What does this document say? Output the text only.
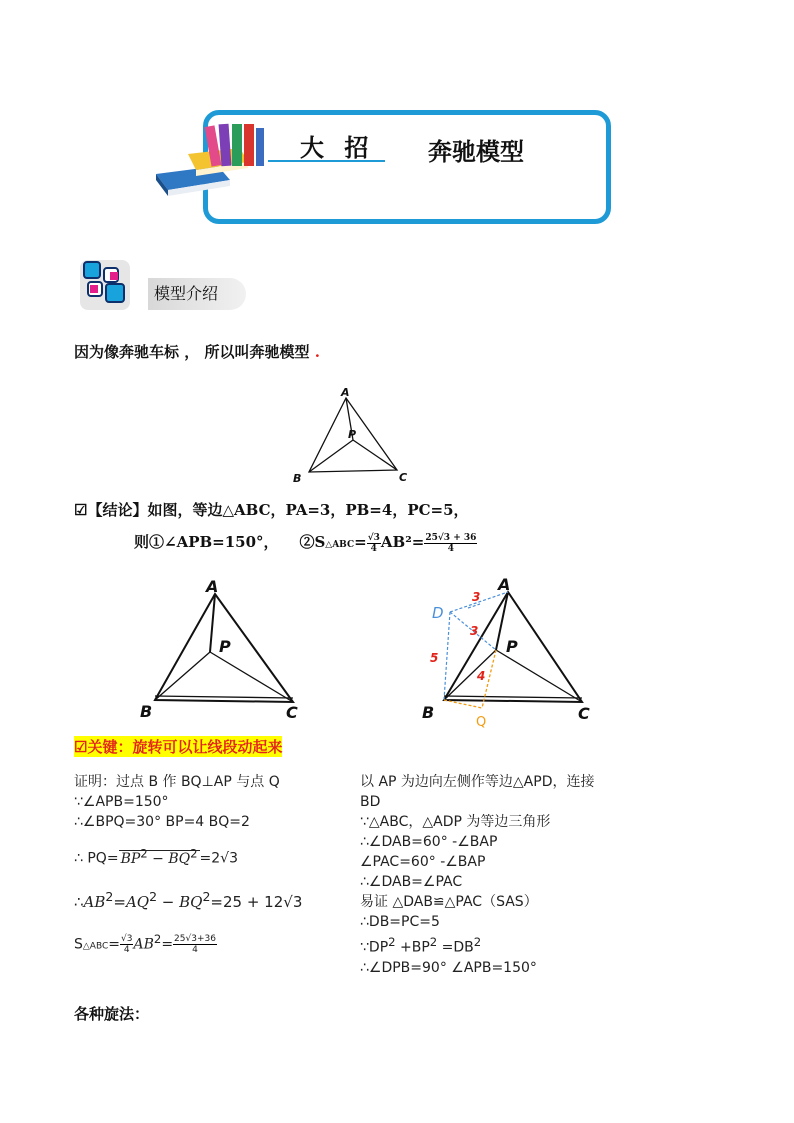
大 招 奔驰模型
模型介绍
因为像奔驰车标 ， 所以叫奔驰模型 .
A
P
B	C
☑【结论】如图，等边△ABC，PA=3，PB=4，PC=5，
则①∠APB=150°， ②S△ABC= $\frac{√3}{4} AB^2= \frac{25√3 + 36}{4}$
A
P
B	C
A
P
B	C
D
3
3
5
4
Q
☑关键：旋转可以让线段动起来
证明：过点 B 作 BQ⊥AP 与点 Q
∵∠APB=150°
∴∠BPQ=30° BP=4 BQ=2
∴ $PQ= BP^2 - BQ^2 =2√3$
$\therefore AB^2=AQ^2 - BQ^2=25 + 12√3$
S△ABC= $\frac{√3}{4} AB^2= \frac{25√3+36}{4}$
以 AP 为边向左侧作等边△APD，连接
BD
∵△ABC，△ADP 为等边三角形
∴∠DAB=60° -∠BAP
∠PAC=60° -∠BAP
∴∠DAB=∠PAC
易证 △DAB≌△PAC（SAS）
∴DB=PC=5
$\because DP^2 +BP^2 =DB^2$
∴∠DPB=90° ∠APB=150°
各种旋法：
